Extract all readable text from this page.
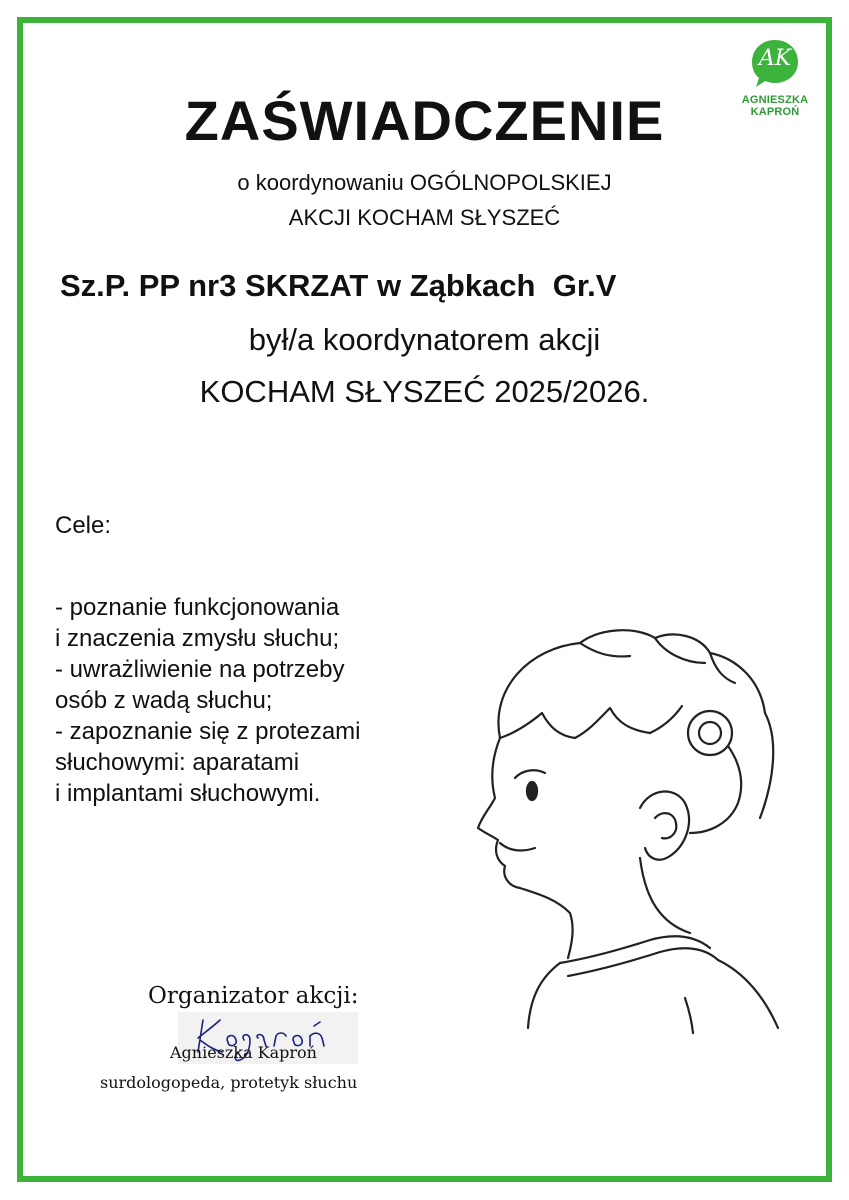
AK
AGNIESZKA
KAPROŃ
ZAŚWIADCZENIE
o koordynowaniu OGÓLNOPOLSKIEJ
AKCJI KOCHAM SŁYSZEĆ
Sz.P. PP nr3 SKRZAT w Ząbkach  Gr.V
był/a koordynatorem akcji
KOCHAM SŁYSZEĆ 2025/2026.
Cele:
- poznanie funkcjonowania
i znaczenia zmysłu słuchu;
- uwrażliwienie na potrzeby
osób z wadą słuchu;
- zapoznanie się z protezami
słuchowymi: aparatami
i implantami słuchowymi.
Organizator akcji:
Agnieszka Kaproń
surdologopeda, protetyk słuchu
